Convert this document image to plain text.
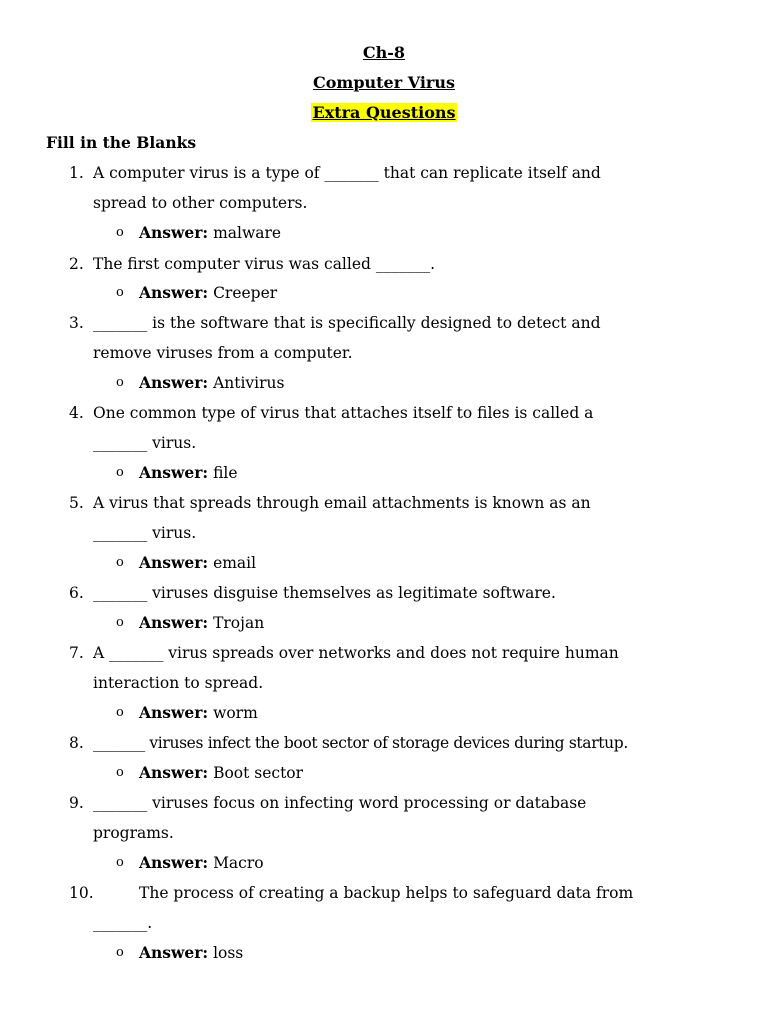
Ch-8
Computer Virus
Extra Questions
Fill in the Blanks
1. A computer virus is a type of _______ that can replicate itself and
spread to other computers.
o Answer: malware
2. The first computer virus was called _______.
o Answer: Creeper
3. _______ is the software that is specifically designed to detect and
remove viruses from a computer.
o Answer: Antivirus
4. One common type of virus that attaches itself to files is called a
_______ virus.
o Answer: file
5. A virus that spreads through email attachments is known as an
_______ virus.
o Answer: email
6. _______ viruses disguise themselves as legitimate software.
o Answer: Trojan
7. A _______ virus spreads over networks and does not require human
interaction to spread.
o Answer: worm
8. _______ viruses infect the boot sector of storage devices during startup.
o Answer: Boot sector
9. _______ viruses focus on infecting word processing or database
programs.
o Answer: Macro
10.	The process of creating a backup helps to safeguard data from
_______.
o Answer: loss
